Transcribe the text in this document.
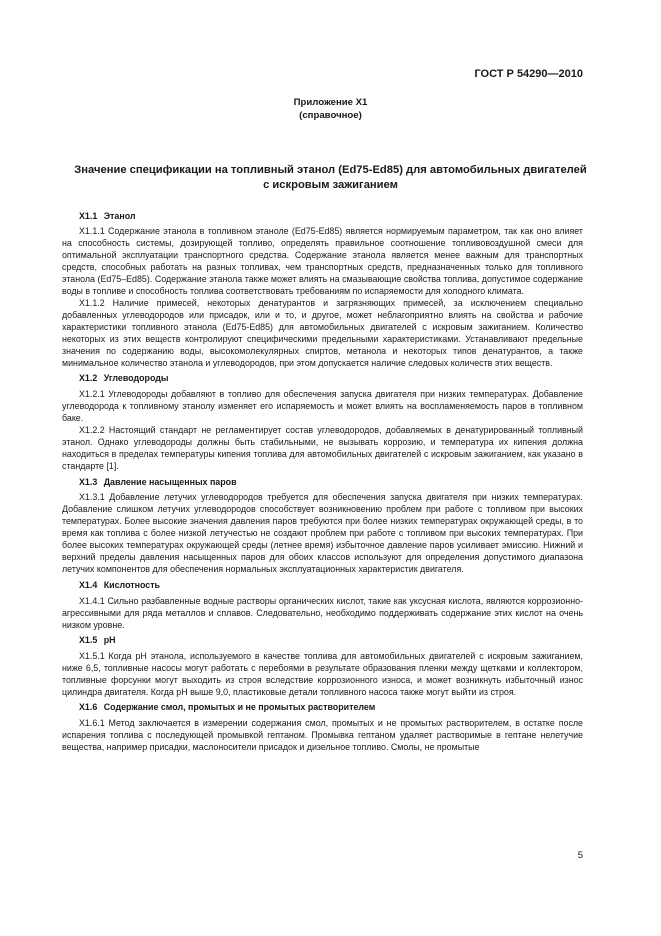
ГОСТ Р 54290—2010
Приложение Х1
(справочное)
Значение спецификации на топливный этанол (Ed75-Ed85) для автомобильных двигателей
с искровым зажиганием

Х1.1 Этанол

Х1.1.1 Содержание этанола в топливном этаноле (Ed75-Ed85) является нормируемым параметром, так как оно влияет на способность системы, дозирующей топливо, определять правильное соотношение топливовоздушной смеси для оптимальной эксплуатации транспортного средства. Содержание этанола является менее важным для транспортных средств, способных работать на разных топливах, чем транспортных средств, предназначенных только для топливного этанола (Ed75–Ed85). Содержание этанола также может влиять на смазывающие свойства топлива, допустимое содержание воды в топливе и способность топлива соответствовать требованиям по испаряемости для холодного климата.

Х1.1.2 Наличие примесей, некоторых денатурантов и загрязняющих примесей, за исключением специально добавленных углеводородов или присадок, или и то, и другое, может неблагоприятно влиять на свойства и рабочие характеристики топливного этанола (Ed75-Ed85) для автомобильных двигателей с искровым зажиганием. Количество некоторых из этих веществ контролируют специфическими предельными характеристиками. Устанавливают предельные значения по содержанию воды, высокомолекулярных спиртов, метанола и некоторых типов денатурантов, а также минимальное количество этанола и углеводородов, при этом допускается наличие следовых количеств этих веществ.

Х1.2 Углеводороды

Х1.2.1 Углеводороды добавляют в топливо для обеспечения запуска двигателя при низких температурах. Добавление углеводорода к топливному этанолу изменяет его испаряемость и может влиять на воспламеняемость паров в топливном баке.

Х1.2.2 Настоящий стандарт не регламентирует состав углеводородов, добавляемых в денатурированный топливный этанол. Однако углеводороды должны быть стабильными, не вызывать коррозию, и температура их кипения должна находиться в пределах температуры кипения топлива для автомобильных двигателей с искровым зажиганием, как указано в стандарте [1].

Х1.3 Давление насыщенных паров

Х1.3.1 Добавление летучих углеводородов требуется для обеспечения запуска двигателя при низких температурах. Добавление слишком летучих углеводородов способствует возникновению проблем при работе с топливом при высоких температурах. Более высокие значения давления паров требуются при более низких температурах окружающей среды, в то время как топлива с более низкой летучестью не создают проблем при работе с топливом при высоких температурах. При более высоких температурах окружающей среды (летнее время) избыточное давление паров усиливает эмиссию. Нижний и верхний пределы давления насыщенных паров для обоих классов используют для определения допустимого диапазона летучих компонентов для обеспечения нормальных эксплуатационных характеристик двигателя.

Х1.4 Кислотность

Х1.4.1 Сильно разбавленные водные растворы органических кислот, такие как уксусная кислота, являются коррозионно-агрессивными для ряда металлов и сплавов. Следовательно, необходимо поддерживать содержание этих кислот на очень низком уровне.

Х1.5 pH

Х1.5.1 Когда pH этанола, используемого в качестве топлива для автомобильных двигателей с искровым зажиганием, ниже 6,5, топливные насосы могут работать с перебоями в результате образования пленки между щетками и коллектором, топливные форсунки могут выходить из строя вследствие коррозионного износа, и может возникнуть избыточный износ цилиндра двигателя. Когда pH выше 9,0, пластиковые детали топливного насоса также могут выйти из строя.

Х1.6 Содержание смол, промытых и не промытых растворителем

Х1.6.1 Метод заключается в измерении содержания смол, промытых и не промытых растворителем, в остатке после испарения топлива с последующей промывкой гептаном. Промывка гептаном удаляет растворимые в гептане нелетучие вещества, например присадки, маслоносители присадок и дизельное топливо. Смолы, не промытые

5
